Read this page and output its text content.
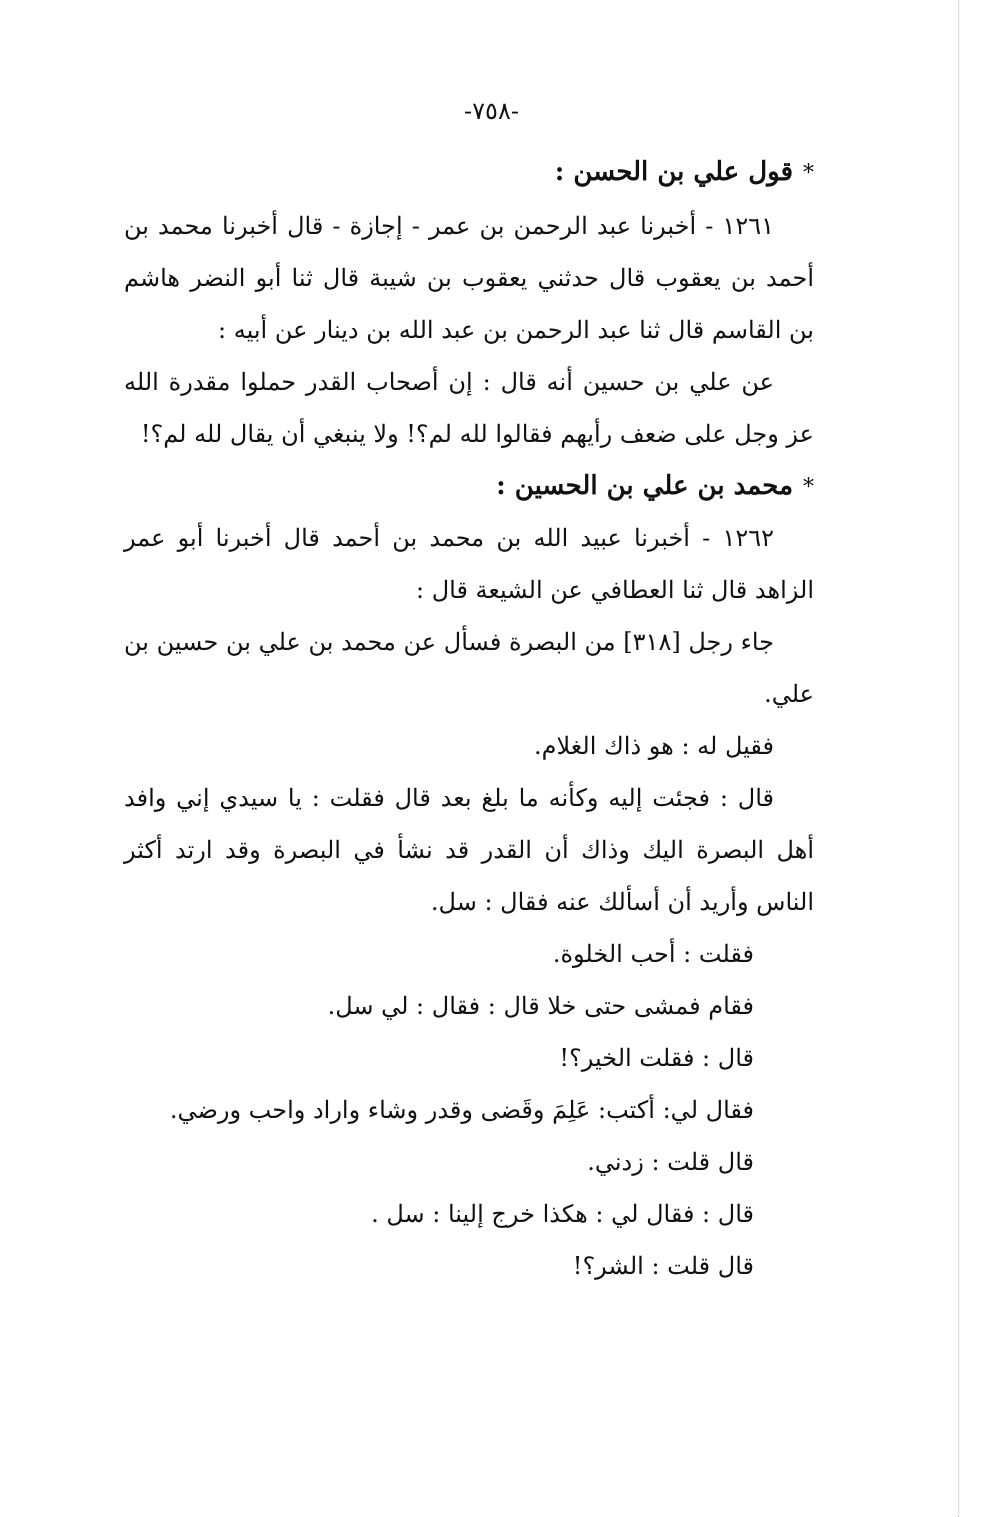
-٧٥٨-
*قول علي بن الحسن :

١٢٦١ - أخبرنا عبد الرحمن بن عمر - إجازة - قال أخبرنا محمد بن أحمد بن يعقوب قال حدثني يعقوب بن شيبة قال ثنا أبو النضر هاشم بن القاسم قال ثنا عبد الرحمن بن عبد الله بن دينار عن أبيه :

عن علي بن حسين أنه قال : إن أصحاب القدر حملوا مقدرة الله عز وجل على ضعف رأيهم فقالوا لله لم؟! ولا ينبغي أن يقال لله لم؟!

*محمد بن علي بن الحسين :

١٢٦٢ - أخبرنا عبيد الله بن محمد بن أحمد قال أخبرنا أبو عمر الزاهد قال ثنا العطافي عن الشيعة قال :

جاء رجل [٣١٨] من البصرة فسأل عن محمد بن علي بن حسين بن علي.

فقيل له : هو ذاك الغلام.

قال : فجئت إليه وكأنه ما بلغ بعد قال فقلت : يا سيدي إني وافد أهل البصرة اليك وذاك أن القدر قد نشأ في البصرة وقد ارتد أكثر الناس وأريد أن أسألك عنه فقال : سل.

فقلت : أحب الخلوة.

فقام فمشى حتى خلا قال : فقال : لي سل.

قال : فقلت الخير؟!

فقال لي: أكتب: عَلِمَ وقَضى وقدر وشاء واراد واحب ورضي.

قال قلت : زدني.

قال : فقال لي : هكذا خرج إلينا : سل .

قال قلت : الشر؟!
